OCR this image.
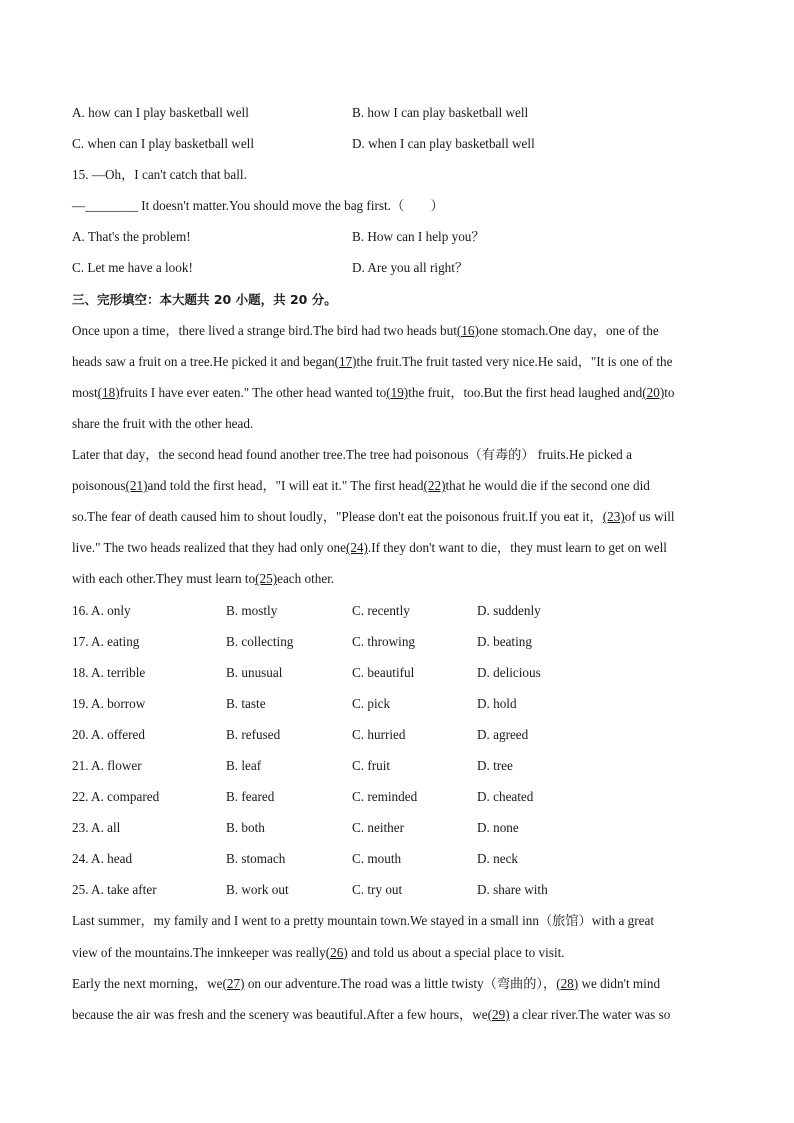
A. how can I play basketball well	B. how I can play basketball well
C. when can I play basketball well	D. when I can play basketball well
15. —Oh，I can't catch that ball.
—________ It doesn't matter.You should move the bag first.（　　）
A. That's the problem!	B. How can I help you？
C. Let me have a look!	D. Are you all right？
三、完形填空：本大题共 20 小题，共 20 分。
Once upon a time，there lived a strange bird.The bird had two heads but(16)one stomach.One day，one of the
heads saw a fruit on a tree.He picked it and began(17)the fruit.The fruit tasted very nice.He said，"It is one of the
most(18)fruits I have ever eaten." The other head wanted to(19)the fruit，too.But the first head laughed and(20)to
share the fruit with the other head.
Later that day，the second head found another tree.The tree had poisonous（有毒的） fruits.He picked a
poisonous(21)and told the first head，"I will eat it." The first head(22)that he would die if the second one did
so.The fear of death caused him to shout loudly，"Please don't eat the poisonous fruit.If you eat it，(23)of us will
live." The two heads realized that they had only one(24).If they don't want to die，they must learn to get on well
with each other.They must learn to(25)each other.
16. A. only	B. mostly	C. recently	D. suddenly
17. A. eating	B. collecting	C. throwing	D. beating
18. A. terrible	B. unusual	C. beautiful	D. delicious
19. A. borrow	B. taste	C. pick	D. hold
20. A. offered	B. refused	C. hurried	D. agreed
21. A. flower	B. leaf	C. fruit	D. tree
22. A. compared	B. feared	C. reminded	D. cheated
23. A. all	B. both	C. neither	D. none
24. A. head	B. stomach	C. mouth	D. neck
25. A. take after	B. work out	C. try out	D. share with
Last summer，my family and I went to a pretty mountain town.We stayed in a small inn（旅馆）with a great
view of the mountains.The innkeeper was really(26) and told us about a special place to visit.
Early the next morning，we(27) on our adventure.The road was a little twisty（弯曲的），(28) we didn't mind
because the air was fresh and the scenery was beautiful.After a few hours，we(29) a clear river.The water was so
